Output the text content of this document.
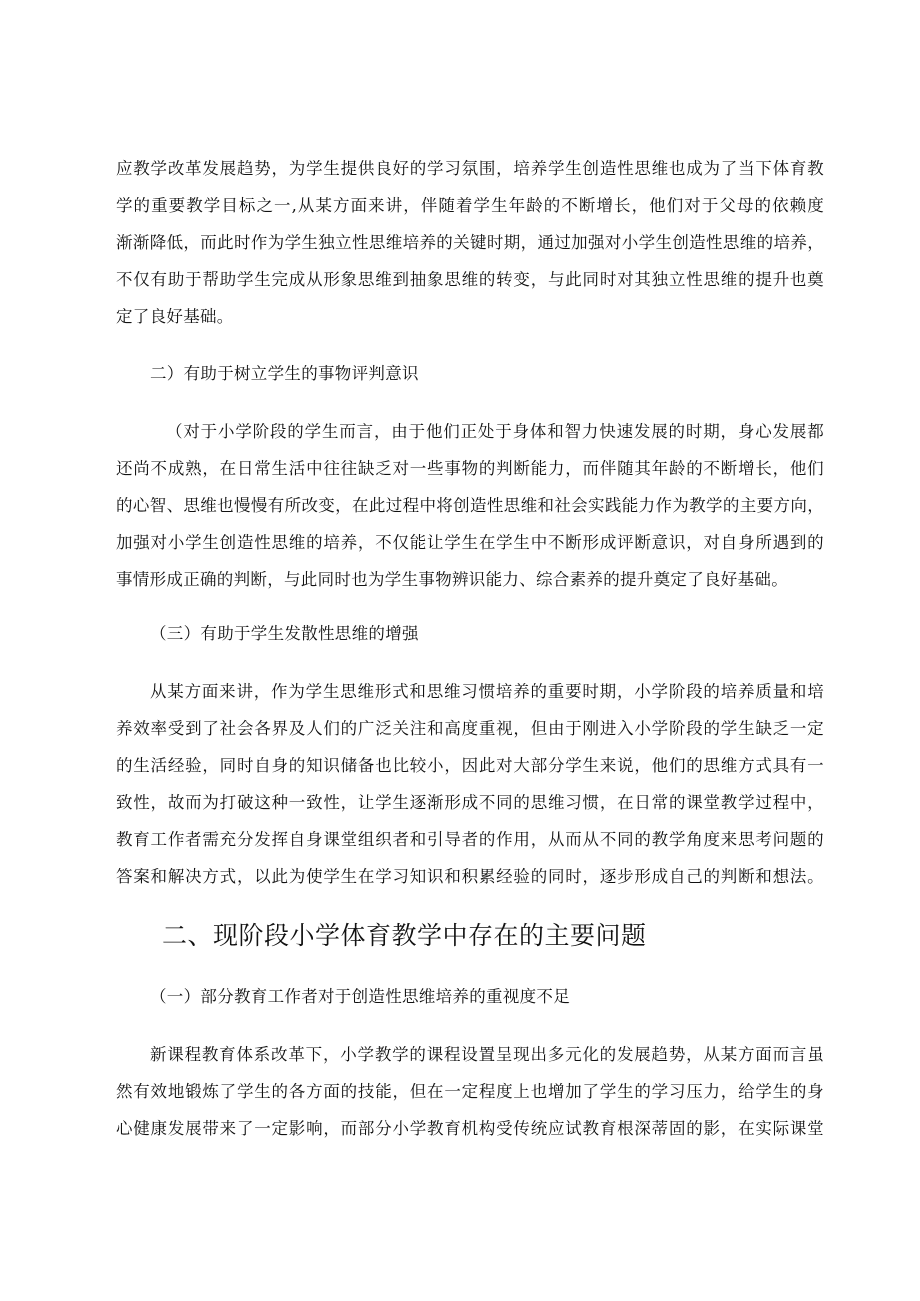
应教学改革发展趋势，为学生提供良好的学习氛围，培养学生创造性思维也成为了当下体育教
学的重要教学目标之一,从某方面来讲，伴随着学生年龄的不断增长，他们对于父母的依赖度
渐渐降低，而此时作为学生独立性思维培养的关键时期，通过加强对小学生创造性思维的培养，
不仅有助于帮助学生完成从形象思维到抽象思维的转变，与此同时对其独立性思维的提升也奠
定了良好基础。

二）有助于树立学生的事物评判意识

（对于小学阶段的学生而言，由于他们正处于身体和智力快速发展的时期，身心发展都
还尚不成熟，在日常生活中往往缺乏对一些事物的判断能力，而伴随其年龄的不断增长，他们
的心智、思维也慢慢有所改变，在此过程中将创造性思维和社会实践能力作为教学的主要方向，
加强对小学生创造性思维的培养，不仅能让学生在学生中不断形成评断意识，对自身所遇到的
事情形成正确的判断，与此同时也为学生事物辨识能力、综合素养的提升奠定了良好基础。

（三）有助于学生发散性思维的增强

从某方面来讲，作为学生思维形式和思维习惯培养的重要时期，小学阶段的培养质量和培
养效率受到了社会各界及人们的广泛关注和高度重视，但由于刚进入小学阶段的学生缺乏一定
的生活经验，同时自身的知识储备也比较小，因此对大部分学生来说，他们的思维方式具有一
致性，故而为打破这种一致性，让学生逐渐形成不同的思维习惯，在日常的课堂教学过程中，
教育工作者需充分发挥自身课堂组织者和引导者的作用，从而从不同的教学角度来思考问题的
答案和解决方式，以此为使学生在学习知识和积累经验的同时，逐步形成自己的判断和想法。
二、现阶段小学体育教学中存在的主要问题

（一）部分教育工作者对于创造性思维培养的重视度不足

新课程教育体系改革下，小学教学的课程设置呈现出多元化的发展趋势，从某方面而言虽
然有效地锻炼了学生的各方面的技能，但在一定程度上也增加了学生的学习压力，给学生的身
心健康发展带来了一定影响，而部分小学教育机构受传统应试教育根深蒂固的影，在实际课堂
